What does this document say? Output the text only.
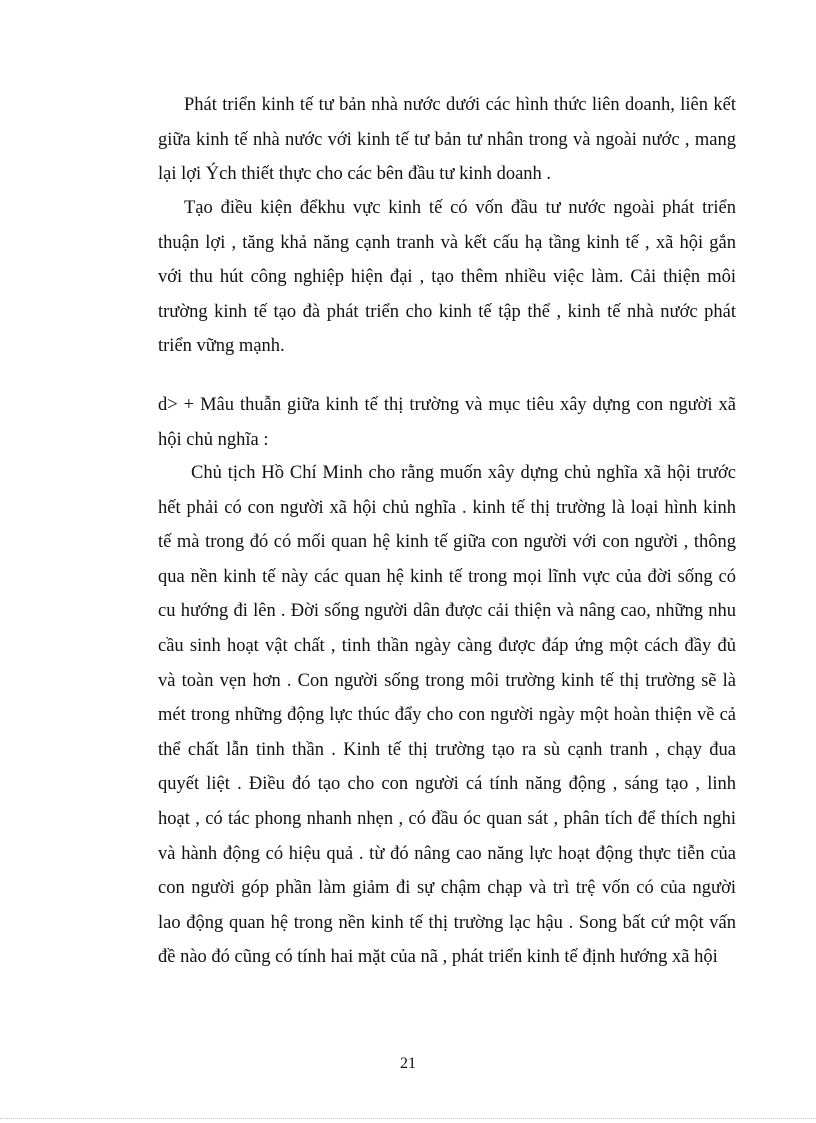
Phát triển kinh tế tư bản nhà nước dưới các hình thức liên doanh, liên kết
giữa kinh tế nhà nước với kinh tế tư bản tư nhân trong và ngoài nước , mang
lại lợi Ých thiết thực cho các bên đầu tư kinh doanh .
Tạo điều kiện đểkhu vực kinh tế có vốn đầu tư nước ngoài phát triển
thuận lợi , tăng khả năng cạnh tranh và kết cấu hạ tầng kinh tế , xã hội gắn
với thu hút công nghiệp hiện đại , tạo thêm nhiều việc làm. Cải thiện môi
trường kinh tế tạo đà phát triển cho kinh tế tập thể , kinh tế nhà nước phát
triển vững mạnh.
d> + Mâu thuẫn giữa kinh tế thị trường và mục tiêu xây dựng con người xã
hội chủ nghĩa :
Chủ tịch Hồ Chí Minh cho rằng muốn xây dựng chủ nghĩa xã hội trước
hết phải có con người xã hội chủ nghĩa . kinh tế thị trường là loại hình kinh
tế mà trong đó có mối quan hệ kinh tế giữa con người với con người , thông
qua nền kinh tế này các quan hệ kinh tế trong mọi lĩnh vực của đời sống có
cu hướng đi lên . Đời sống người dân được cải thiện và nâng cao, những nhu
cầu sinh hoạt vật chất , tinh thần ngày càng được đáp ứng một cách đầy đủ
và toàn vẹn hơn . Con người sống trong môi trường kinh tế thị trường sẽ là
mét trong những động lực thúc đẩy cho con người ngày một hoàn thiện về cả
thể chất lẫn tinh thần . Kinh tế thị trường tạo ra sù cạnh tranh , chạy đua
quyết liệt . Điều đó tạo cho con người cá tính năng động , sáng tạo , linh
hoạt , có tác phong nhanh nhẹn , có đầu óc quan sát , phân tích để thích nghi
và hành động có hiệu quả . từ đó nâng cao năng lực hoạt động thực tiễn của
con người góp phần làm giảm đi sự chậm chạp và trì trệ vốn có của người
lao động quan hệ trong nền kinh tế thị trường lạc hậu . Song bất cứ một vấn
đề nào đó cũng có tính hai mặt của nã , phát triển kinh tế định hướng xã hội
21
